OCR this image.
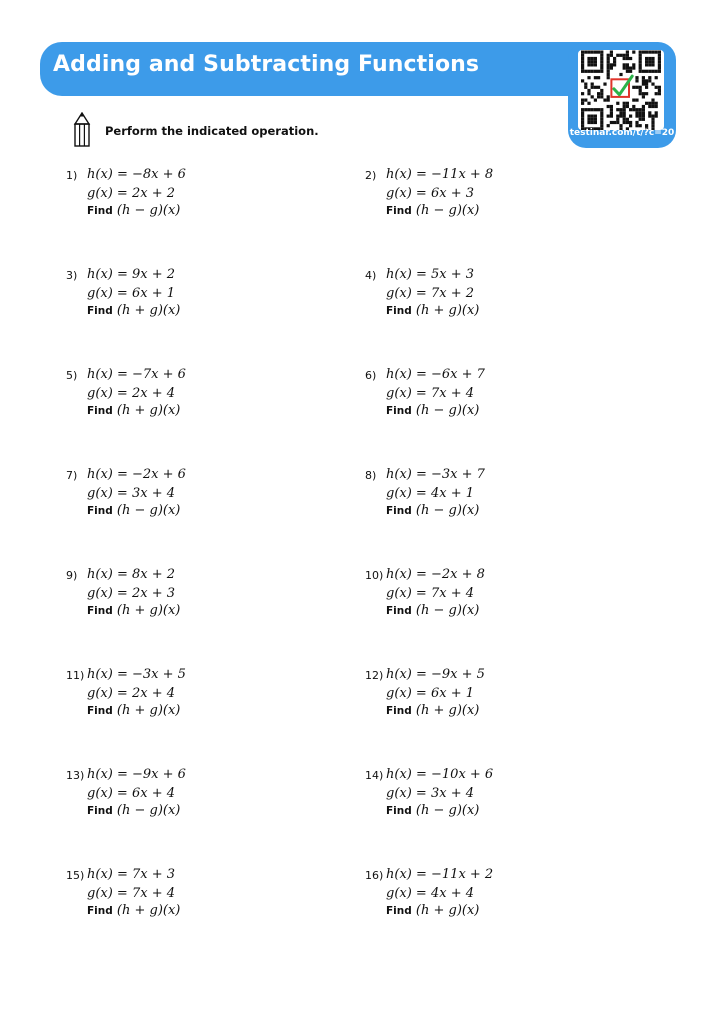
Adding and Subtracting Functions
testinar.com/t/?c=20
Perform the indicated operation.
1) h(x) = −8x + 6
g(x) = 2x + 2
Find (h − g)(x)
2) h(x) = −11x + 8
g(x) = 6x + 3
Find (h − g)(x)
3) h(x) = 9x + 2
g(x) = 6x + 1
Find (h + g)(x)
4) h(x) = 5x + 3
g(x) = 7x + 2
Find (h + g)(x)
5) h(x) = −7x + 6
g(x) = 2x + 4
Find (h + g)(x)
6) h(x) = −6x + 7
g(x) = 7x + 4
Find (h − g)(x)
7) h(x) = −2x + 6
g(x) = 3x + 4
Find (h − g)(x)
8) h(x) = −3x + 7
g(x) = 4x + 1
Find (h − g)(x)
9) h(x) = 8x + 2
g(x) = 2x + 3
Find (h + g)(x)
10) h(x) = −2x + 8
g(x) = 7x + 4
Find (h − g)(x)
11) h(x) = −3x + 5
g(x) = 2x + 4
Find (h + g)(x)
12) h(x) = −9x + 5
g(x) = 6x + 1
Find (h + g)(x)
13) h(x) = −9x + 6
g(x) = 6x + 4
Find (h − g)(x)
14) h(x) = −10x + 6
g(x) = 3x + 4
Find (h − g)(x)
15) h(x) = 7x + 3
g(x) = 7x + 4
Find (h + g)(x)
16) h(x) = −11x + 2
g(x) = 4x + 4
Find (h + g)(x)
